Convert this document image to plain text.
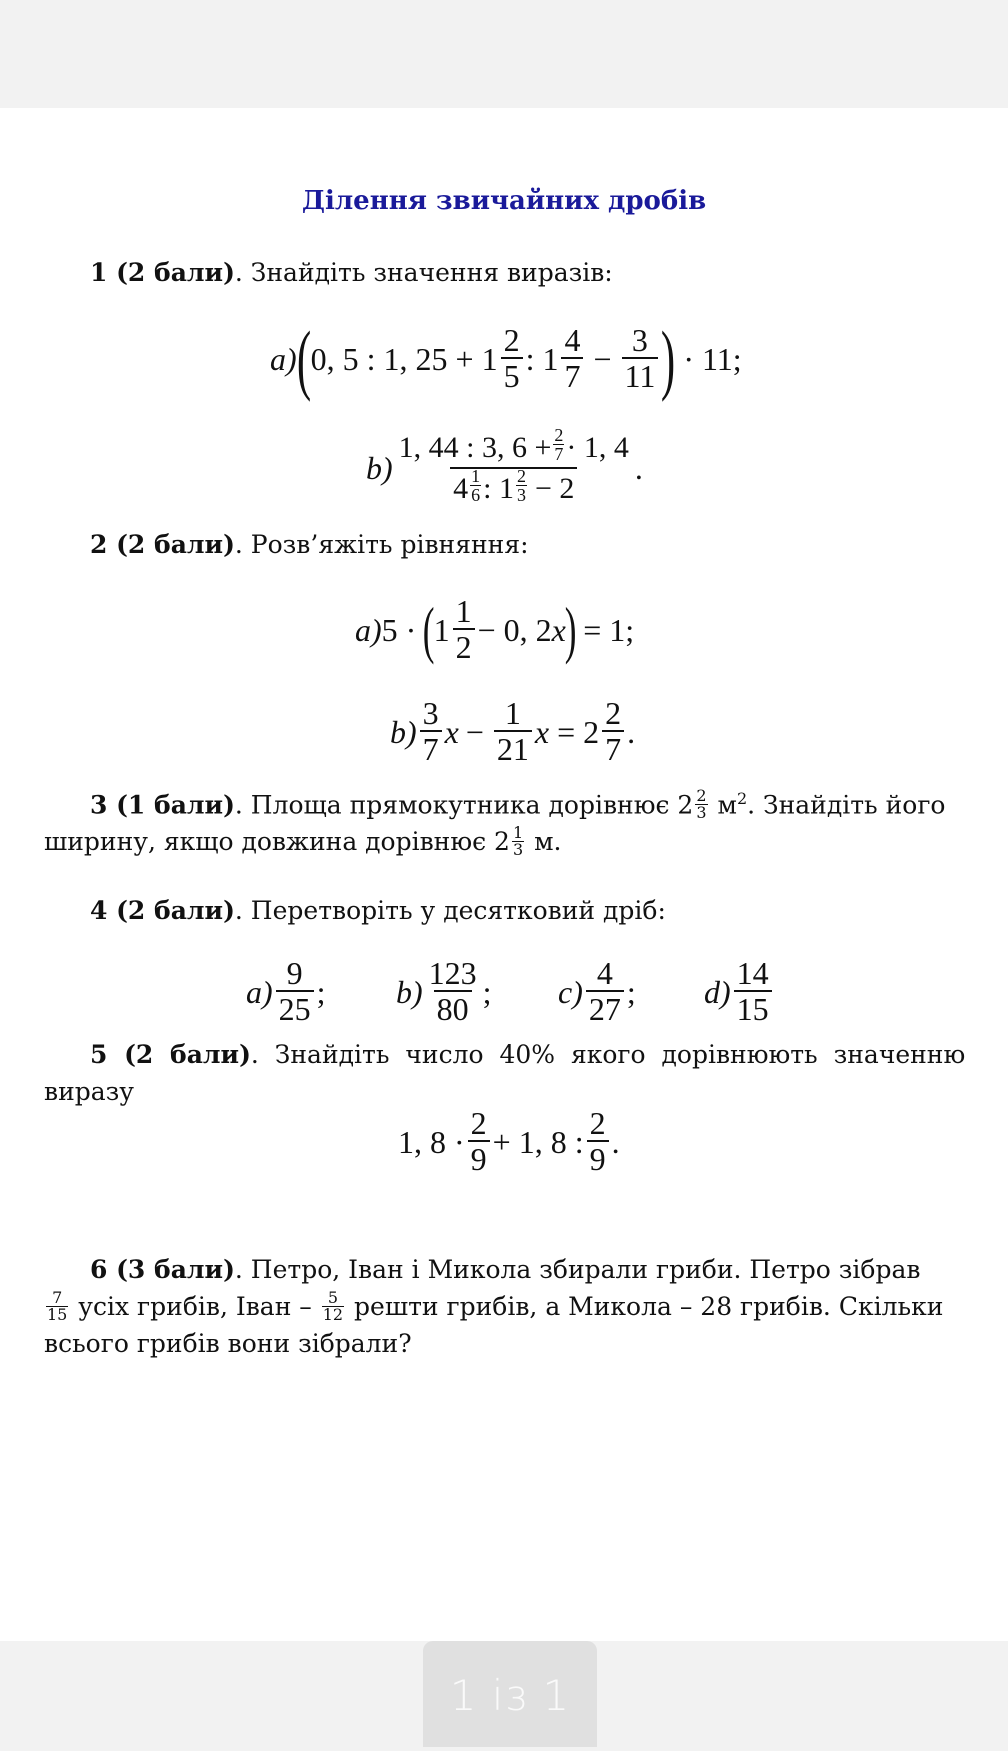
Ділення звичайних дробів
1 (2 бали). Знайдіть значення виразів:
a) ( 0, 5 : 1, $25 + 1 \frac{2}{5}$ : $1 \frac{4}{7} - \frac{3}{11}$ ) · 11;
$b) \frac{1, 44 : 3, 6 + \frac{2}{7} \cdot 1, 4}{4 \frac{1}{6} : 1 \frac{2}{3} - 2}$ .
2 (2 бали). Розв’яжіть рівняння:
a) 5 · (
$1 \frac{1}{2} - 0$, 2 x
) = 1;
$b) \frac{3}{7}$ $x - \frac{1}{21}$ $x = 2 \frac{2}{7}$ .
3 (1 бали). Площа прямокутника дорівнює $2 \frac{2}{3} м^2$. Знайдіть його
ширину, якщо довжина дорівнює $2 \frac{1}{3} м$.
4 (2 бали). Перетворіть у десятковий дріб:
$a) \frac{9}{25}$ ; $b) \frac{123}{80}$ ; $c) \frac{4}{27}$ ; $d) \frac{14}{15}$
5 (2 бали). Знайдіть число 40% якого дорівнюють значенню
виразу
1, $8 \cdot \frac{2}{9} + 1$, 8 : $\frac{2}{9}$ .
6 (3 бали). Петро, Іван і Микола збирали гриби. Петро зібрав
$\frac{7}{15}$ усіх грибів, Іван – $\frac{5}{12}$ решти грибів, а Микола – 28 грибів. Скільки
всього грибів вони зібрали?
1 із 1
